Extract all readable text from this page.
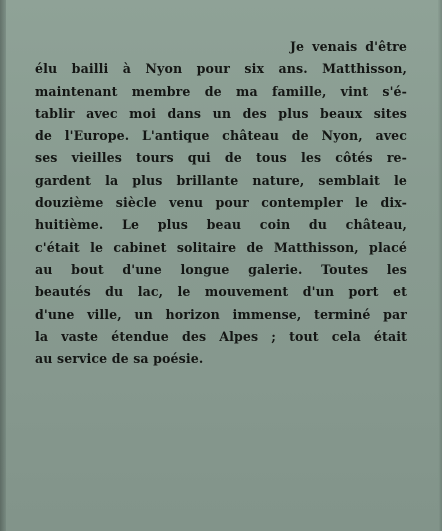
Je venais d'être
élu bailli à Nyon pour six ans. Matthisson,
maintenant membre de ma famille, vint s'é-
tablir avec moi dans un des plus beaux sites
de l'Europe. L'antique château de Nyon, avec
ses vieilles tours qui de tous les côtés re-
gardent la plus brillante nature, semblait le
douzième siècle venu pour contempler le dix-
huitième. Le plus beau coin du château,
c'était le cabinet solitaire de Matthisson, placé
au bout d'une longue galerie. Toutes les
beautés du lac, le mouvement d'un port et
d'une ville, un horizon immense, terminé par
la vaste étendue des Alpes ; tout cela était
au service de sa poésie.
